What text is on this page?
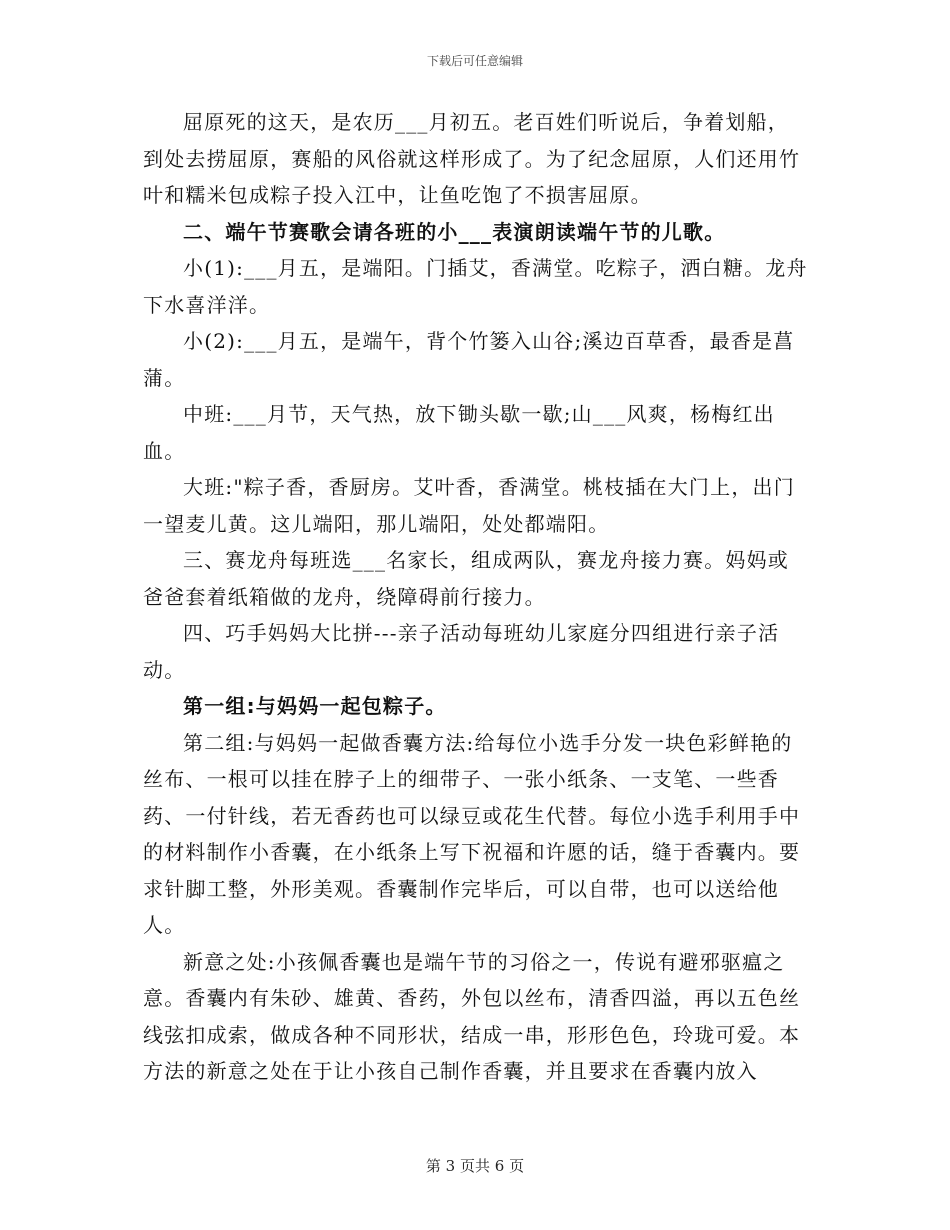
下载后可任意编辑

屈原死的这天，是农历___月初五。老百姓们听说后，争着划船，到处去捞屈原，赛船的风俗就这样形成了。为了纪念屈原，人们还用竹叶和糯米包成粽子投入江中，让鱼吃饱了不损害屈原。

二、端午节赛歌会请各班的小___表演朗读端午节的儿歌。

小(1):___月五，是端阳。门插艾，香满堂。吃粽子，洒白糖。龙舟下水喜洋洋。

小(2):___月五，是端午，背个竹篓入山谷;溪边百草香，最香是菖蒲。

中班:___月节，天气热，放下锄头歇一歇;山___风爽，杨梅红出血。

大班:"粽子香，香厨房。艾叶香，香满堂。桃枝插在大门上，出门一望麦儿黄。这儿端阳，那儿端阳，处处都端阳。

三、赛龙舟每班选___名家长，组成两队，赛龙舟接力赛。妈妈或爸爸套着纸箱做的龙舟，绕障碍前行接力。

四、巧手妈妈大比拼---亲子活动每班幼儿家庭分四组进行亲子活动。

第一组:与妈妈一起包粽子。

第二组:与妈妈一起做香囊方法:给每位小选手分发一块色彩鲜艳的丝布、一根可以挂在脖子上的细带子、一张小纸条、一支笔、一些香药、一付针线，若无香药也可以绿豆或花生代替。每位小选手利用手中的材料制作小香囊，在小纸条上写下祝福和许愿的话，缝于香囊内。要求针脚工整，外形美观。香囊制作完毕后，可以自带，也可以送给他人。

新意之处:小孩佩香囊也是端午节的习俗之一，传说有避邪驱瘟之意。香囊内有朱砂、雄黄、香药，外包以丝布，清香四溢，再以五色丝线弦扣成索，做成各种不同形状，结成一串，形形色色，玲珑可爱。本方法的新意之处在于让小孩自己制作香囊，并且要求在香囊内放入

第 3 页共 6 页
